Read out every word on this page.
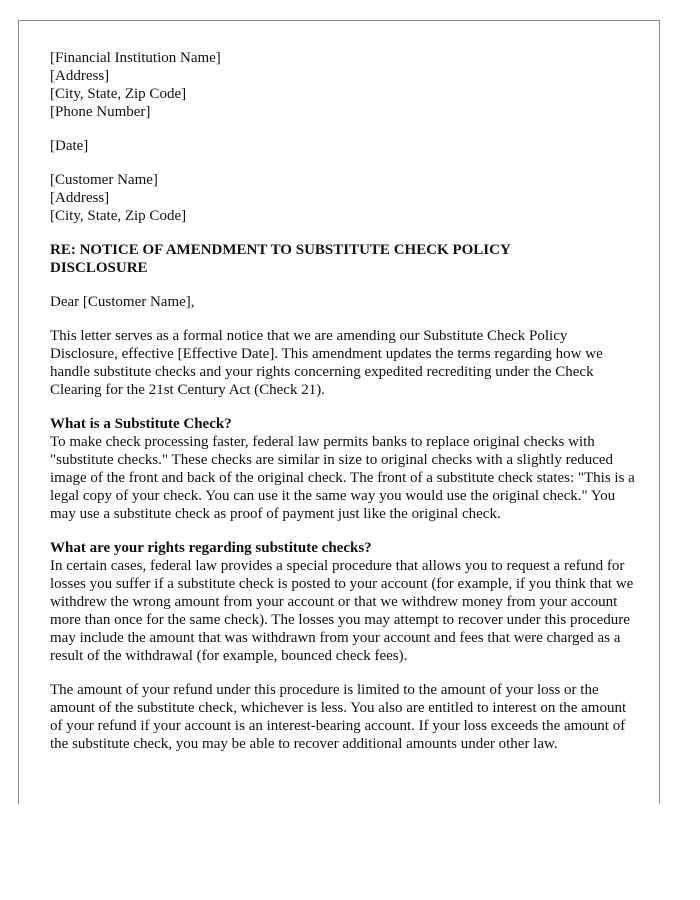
[Financial Institution Name]
[Address]
[City, State, Zip Code]
[Phone Number]
[Date]
[Customer Name]
[Address]
[City, State, Zip Code]
RE: NOTICE OF AMENDMENT TO SUBSTITUTE CHECK POLICY
DISCLOSURE

Dear [Customer Name],

This letter serves as a formal notice that we are amending our Substitute Check Policy Disclosure, effective [Effective Date]. This amendment updates the terms regarding how we handle substitute checks and your rights concerning expedited recrediting under the Check Clearing for the 21st Century Act (Check 21).

What is a Substitute Check?
To make check processing faster, federal law permits banks to replace original checks with "substitute checks." These checks are similar in size to original checks with a slightly reduced image of the front and back of the original check. The front of a substitute check states: "This is a legal copy of your check. You can use it the same way you would use the original check." You may use a substitute check as proof of payment just like the original check.
What are your rights regarding substitute checks?
In certain cases, federal law provides a special procedure that allows you to request a refund for losses you suffer if a substitute check is posted to your account (for example, if you think that we withdrew the wrong amount from your account or that we withdrew money from your account more than once for the same check). The losses you may attempt to recover under this procedure may include the amount that was withdrawn from your account and fees that were charged as a result of the withdrawal (for example, bounced check fees).

The amount of your refund under this procedure is limited to the amount of your loss or the amount of the substitute check, whichever is less. You also are entitled to interest on the amount of your refund if your account is an interest-bearing account. If your loss exceeds the amount of the substitute check, you may be able to recover additional amounts under other law.
